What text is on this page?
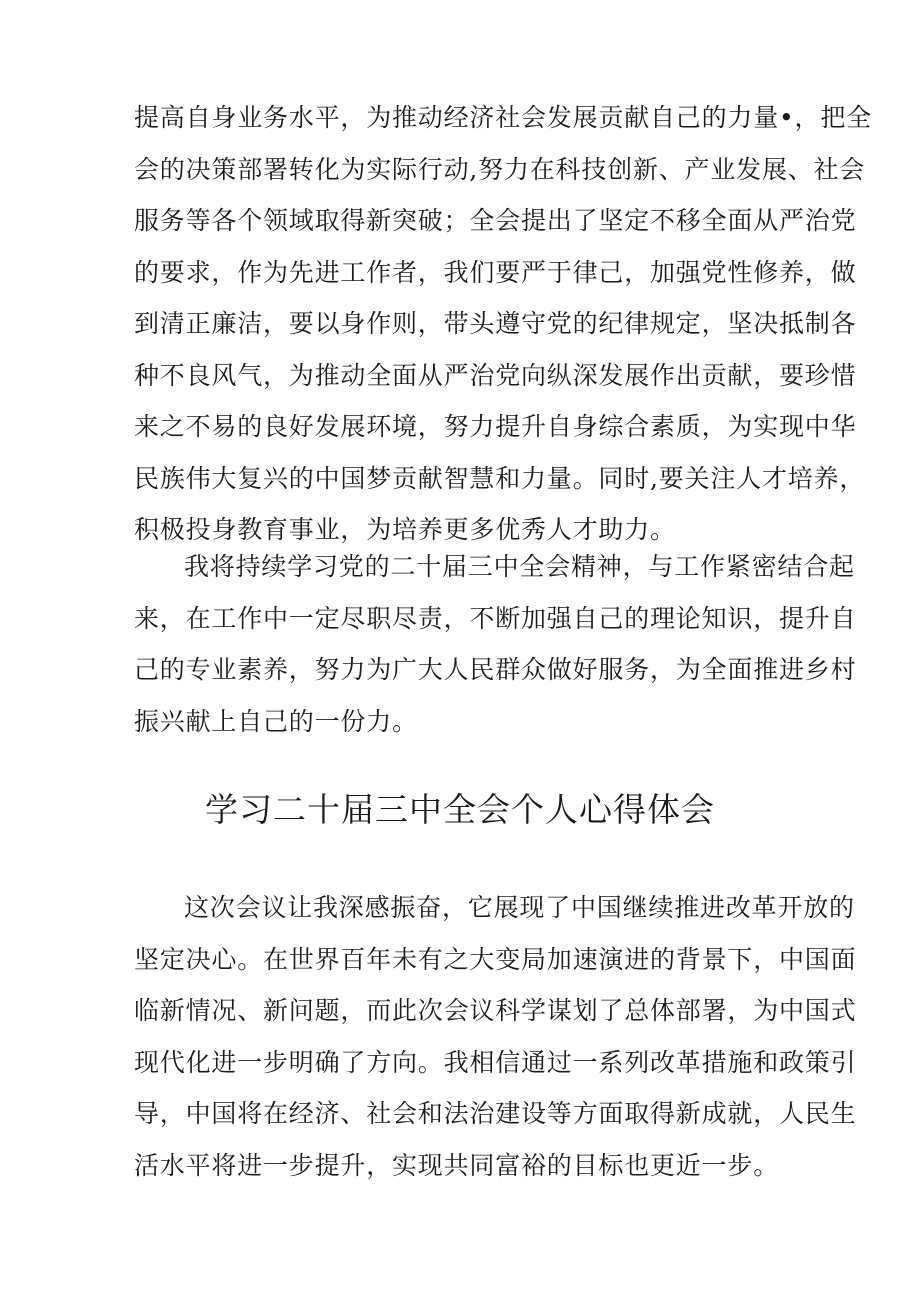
提高自身业务水平，为推动经济社会发展贡献自己的力量•，把全
会的决策部署转化为实际行动,努力在科技创新、产业发展、社会
服务等各个领域取得新突破；全会提出了坚定不移全面从严治党
的要求，作为先进工作者，我们要严于律己，加强党性修养，做
到清正廉洁，要以身作则，带头遵守党的纪律规定，坚决抵制各
种不良风气，为推动全面从严治党向纵深发展作出贡献，要珍惜
来之不易的良好发展环境，努力提升自身综合素质，为实现中华
民族伟大复兴的中国梦贡献智慧和力量。同时,要关注人才培养，
积极投身教育事业，为培养更多优秀人才助力。
我将持续学习党的二十届三中全会精神，与工作紧密结合起
来，在工作中一定尽职尽责，不断加强自己的理论知识，提升自
己的专业素养，努力为广大人民群众做好服务，为全面推进乡村
振兴献上自己的一份力。
学习二十届三中全会个人心得体会
这次会议让我深感振奋，它展现了中国继续推进改革开放的
坚定决心。在世界百年未有之大变局加速演进的背景下，中国面
临新情况、新问题，而此次会议科学谋划了总体部署，为中国式
现代化进一步明确了方向。我相信通过一系列改革措施和政策引
导，中国将在经济、社会和法治建设等方面取得新成就，人民生
活水平将进一步提升，实现共同富裕的目标也更近一步。
